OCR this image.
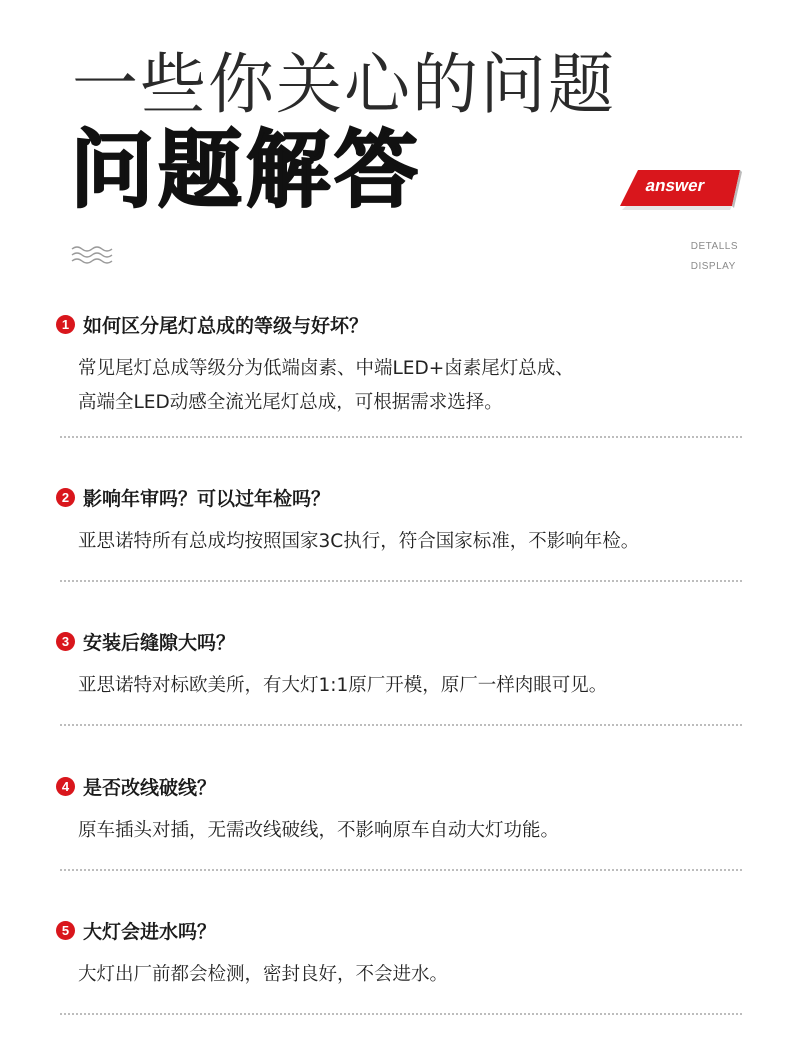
一些你关心的问题
问题解答	answer
DETALLS
DISPLAY
1 如何区分尾灯总成的等级与好坏？
常见尾灯总成等级分为低端卤素、中端LED+卤素尾灯总成、
高端全LED动感全流光尾灯总成，可根据需求选择。
2 影响年审吗？可以过年检吗？
亚思诺特所有总成均按照国家3C执行，符合国家标准，不影响年检。
3 安装后缝隙大吗？
亚思诺特对标欧美所，有大灯1:1原厂开模，原厂一样肉眼可见。
4 是否改线破线？
原车插头对插，无需改线破线，不影响原车自动大灯功能。
5 大灯会进水吗？
大灯出厂前都会检测，密封良好，不会进水。
